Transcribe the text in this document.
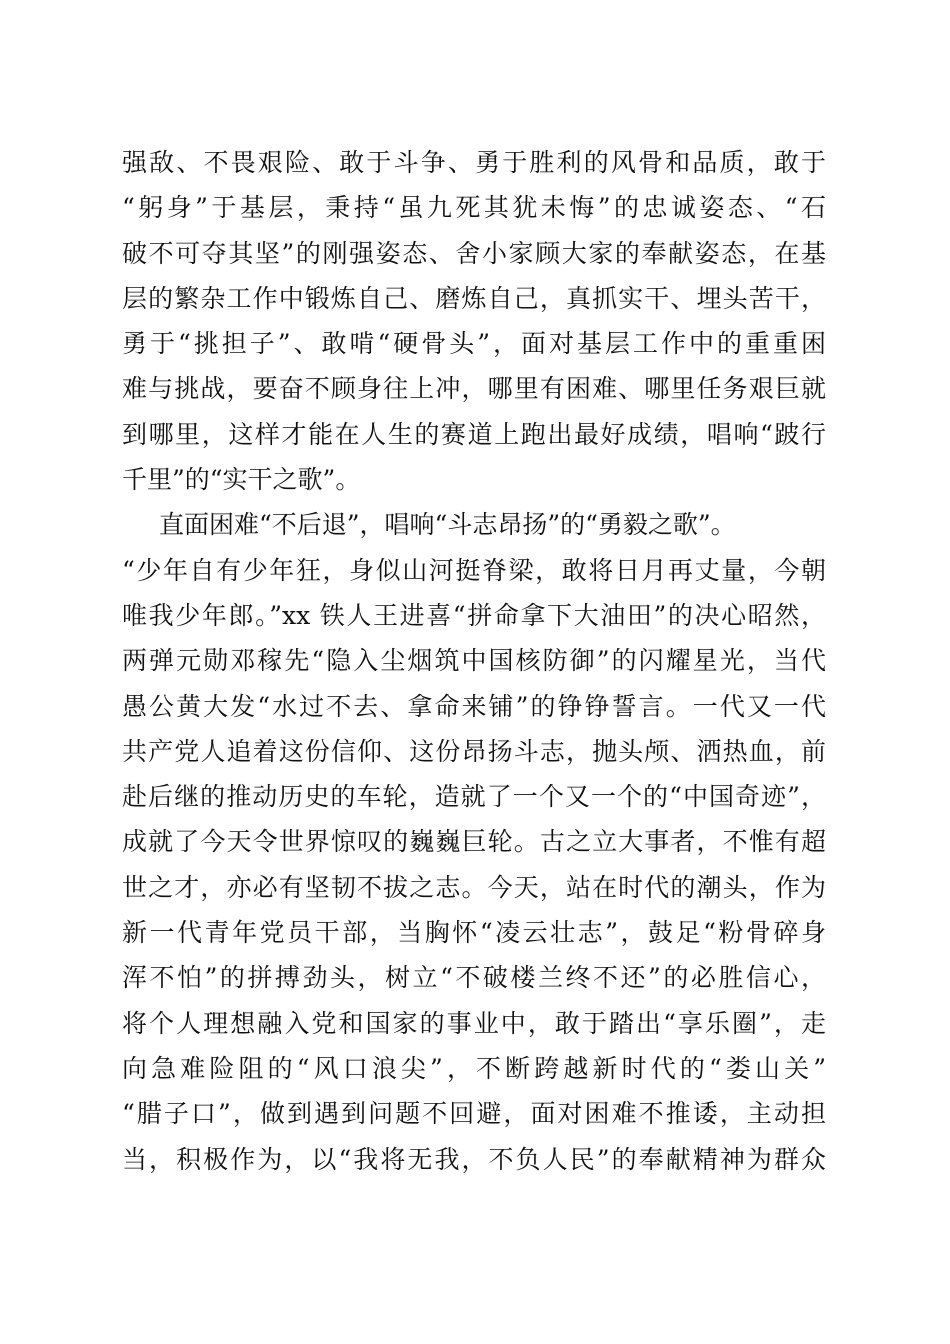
强敌、不畏艰险、敢于斗争、勇于胜利的风骨和品质，敢于
“躬身”于基层，秉持“虽九死其犹未悔”的忠诚姿态、“石
破不可夺其坚”的刚强姿态、舍小家顾大家的奉献姿态，在基
层的繁杂工作中锻炼自己、磨炼自己，真抓实干、埋头苦干，
勇于“挑担子”、敢啃“硬骨头”，面对基层工作中的重重困
难与挑战，要奋不顾身往上冲，哪里有困难、哪里任务艰巨就
到哪里，这样才能在人生的赛道上跑出最好成绩，唱响“跛行
千里”的“实干之歌”。
直面困难“不后退”，唱响“斗志昂扬”的“勇毅之歌”。
“少年自有少年狂，身似山河挺脊梁，敢将日月再丈量，今朝
唯我少年郎。”xx 铁人王进喜“拼命拿下大油田”的决心昭然，
两弹元勋邓稼先“隐入尘烟筑中国核防御”的闪耀星光，当代
愚公黄大发“水过不去、拿命来铺”的铮铮誓言。一代又一代
共产党人追着这份信仰、这份昂扬斗志，抛头颅、洒热血，前
赴后继的推动历史的车轮，造就了一个又一个的“中国奇迹”，
成就了今天令世界惊叹的巍巍巨轮。古之立大事者，不惟有超
世之才，亦必有坚韧不拔之志。今天，站在时代的潮头，作为
新一代青年党员干部，当胸怀“凌云壮志”，鼓足“粉骨碎身
浑不怕”的拼搏劲头，树立“不破楼兰终不还”的必胜信心，
将个人理想融入党和国家的事业中，敢于踏出“享乐圈”，走
向急难险阻的“风口浪尖”，不断跨越新时代的“娄山关”
“腊子口”，做到遇到问题不回避，面对困难不推诿，主动担
当，积极作为，以“我将无我，不负人民”的奉献精神为群众
